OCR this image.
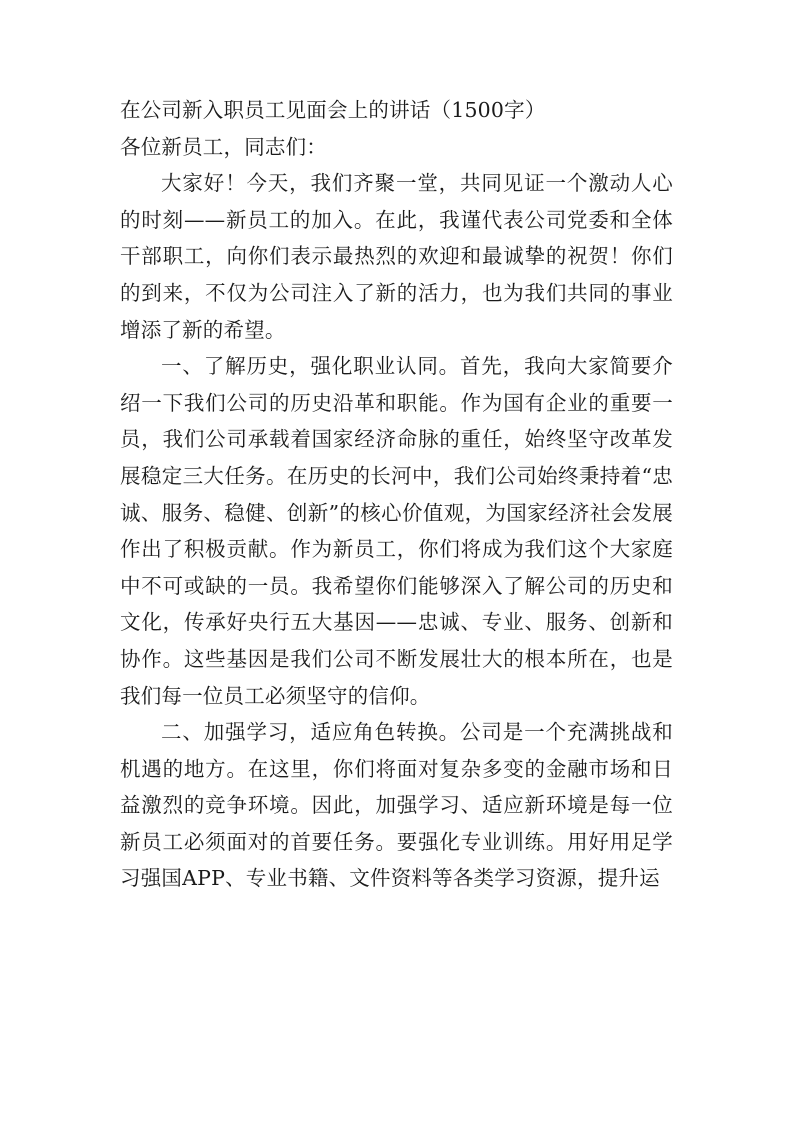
在公司新入职员工见面会上的讲话（1500字）

各位新员工，同志们：

大家好！今天，我们齐聚一堂，共同见证一个激动人心的时刻——新员工的加入。在此，我谨代表公司党委和全体干部职工，向你们表示最热烈的欢迎和最诚挚的祝贺！你们的到来，不仅为公司注入了新的活力，也为我们共同的事业增添了新的希望。

一、了解历史，强化职业认同。首先，我向大家简要介绍一下我们公司的历史沿革和职能。作为国有企业的重要一员，我们公司承载着国家经济命脉的重任，始终坚守改革发展稳定三大任务。在历史的长河中，我们公司始终秉持着“忠诚、服务、稳健、创新”的核心价值观，为国家经济社会发展作出了积极贡献。作为新员工，你们将成为我们这个大家庭中不可或缺的一员。我希望你们能够深入了解公司的历史和文化，传承好央行五大基因——忠诚、专业、服务、创新和协作。这些基因是我们公司不断发展壮大的根本所在，也是我们每一位员工必须坚守的信仰。

二、加强学习，适应角色转换。公司是一个充满挑战和机遇的地方。在这里，你们将面对复杂多变的金融市场和日益激烈的竞争环境。因此，加强学习、适应新环境是每一位新员工必须面对的首要任务。要强化专业训练。用好用足学习强国APP、专业书籍、文件资料等各类学习资源，提升运
